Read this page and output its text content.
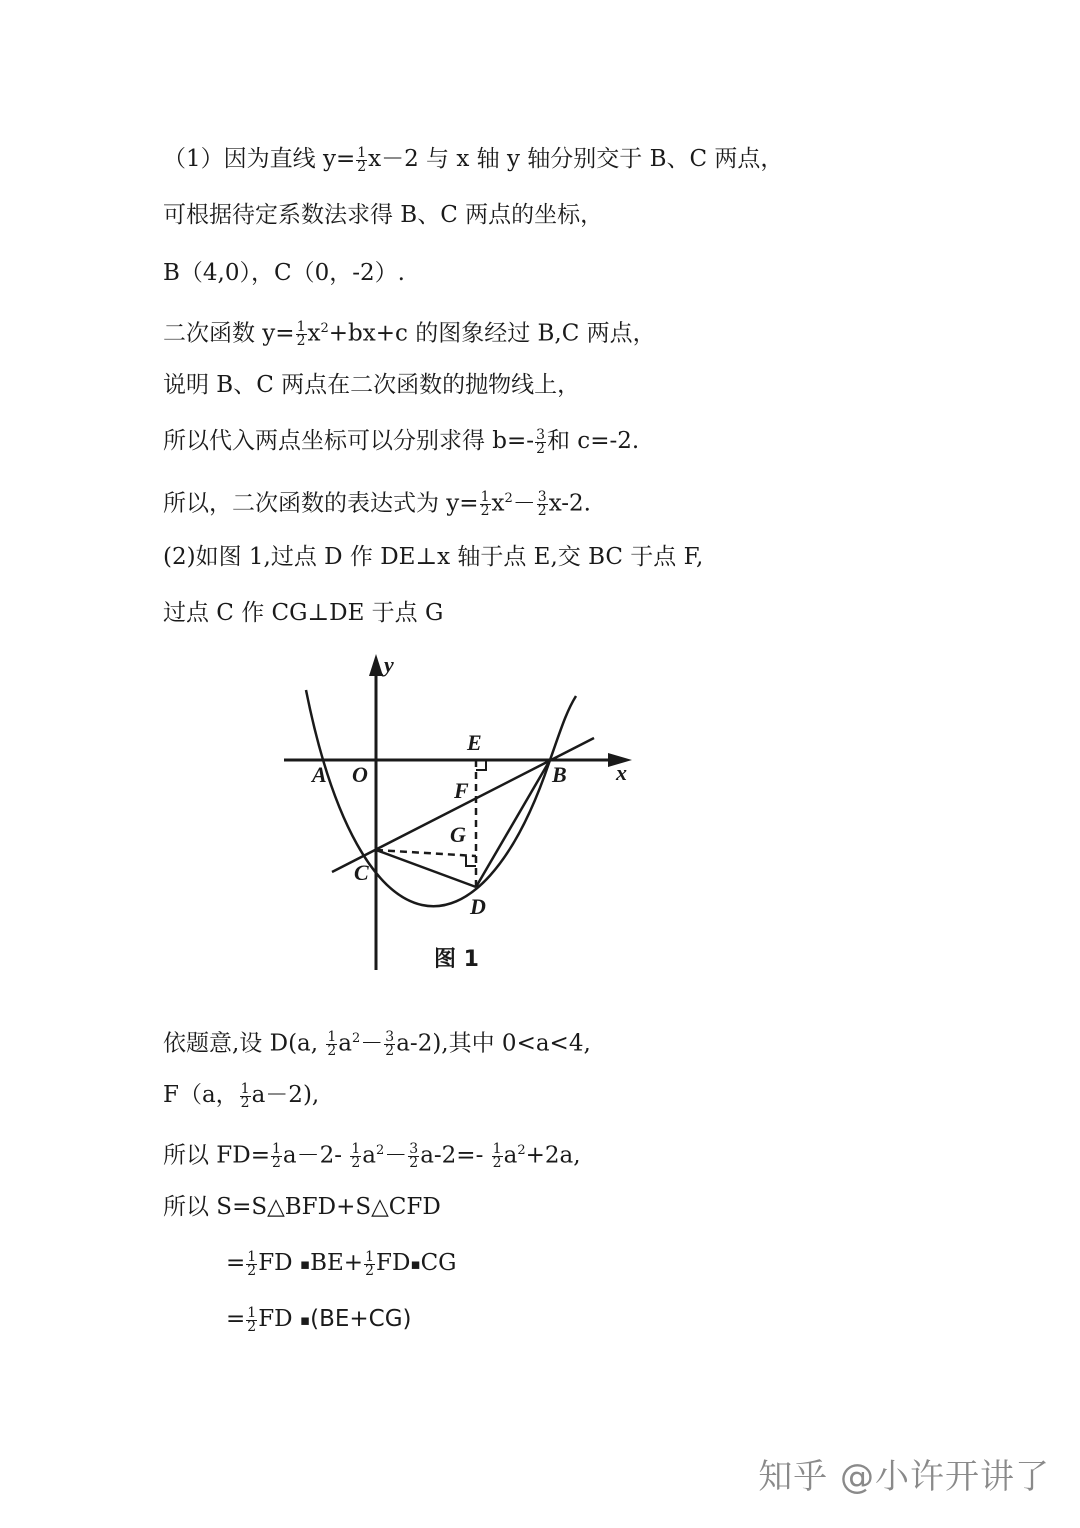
（1）因为直线 $y= \frac{1}{2} x-2$ 与 x 轴 y 轴分别交于 B、C 两点，
可根据待定系数法求得 B、C 两点的坐标，
B（4,0），C（0，-2）.
二次函数 $y= \frac{1}{2} x^2+bx+c$ 的图象经过 B,C 两点，
说明 B、C 两点在二次函数的抛物线上，
所以代入两点坐标可以分别求得 $b=- \frac{3}{2}$ 和 c=-2.
所以，二次函数的表达式为 $y= \frac{1}{2} x^2- \frac{3}{2} x-2$.
(2)如图 1,过点 D 作 DE⊥x 轴于点 E,交 BC 于点 F,
过点 C 作 CG⊥DE 于点 G
y
x
A O
E
B
F
G
C
D
图 1
依题意,设 D(a, $\frac{1}{2} a^2- \frac{3}{2} a-2$),其中 0<a<4,
F（a， $\frac{1}{2} a-2$),
所以 $FD= \frac{1}{2} a-2- \frac{1}{2} a^2- \frac{3}{2} a-2=- \frac{1}{2} a^2+2a$,
所以 S=S△BFD+S△CFD
= $\frac{1}{2}$ FD ▪BE+ $\frac{1}{2}$ FD▪CG
= $\frac{1}{2}$ FD ▪(BE+CG)
知乎 @小许开讲了
